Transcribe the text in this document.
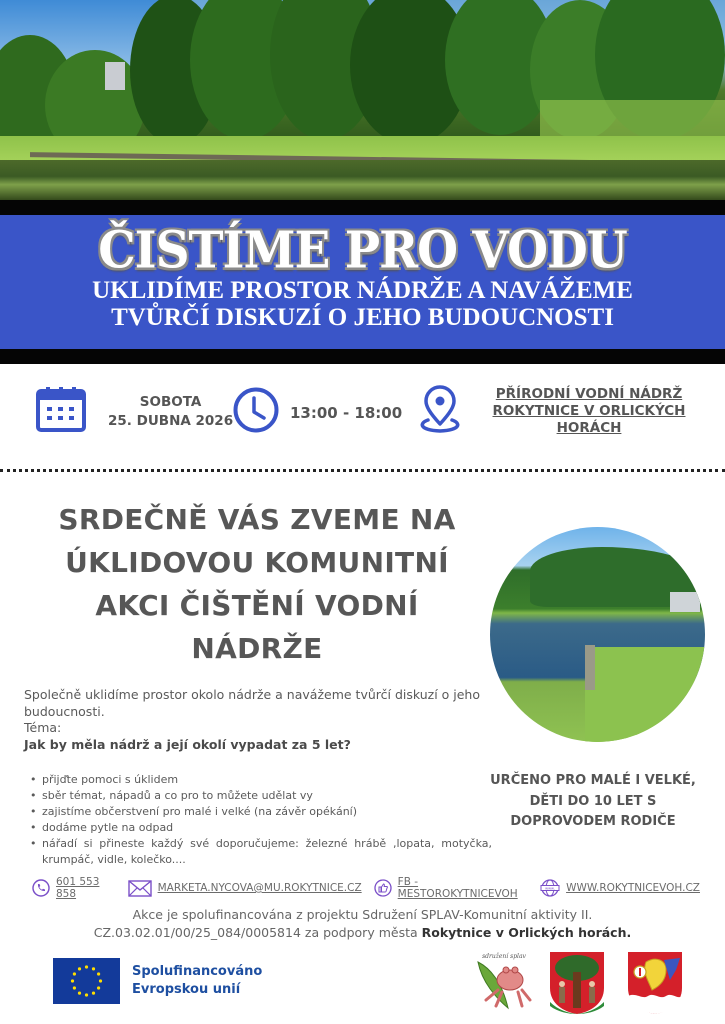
ČISTÍME PRO VODU
UKLIDÍME PROSTOR NÁDRŽE A NAVÁŽEME
TVŮRČÍ DISKUZÍ O JEHO BUDOUCNOSTI
SOBOTA
25. DUBNA 2026	13:00 - 18:00
PŘÍRODNÍ VODNÍ NÁDRŽ
ROKYTNICE V ORLICKÝCH
HORÁCH
SRDEČNĚ VÁS ZVEME NA
ÚKLIDOVOU KOMUNITNÍ
AKCI ČIŠTĚNÍ VODNÍ
NÁDRŽE
Společně uklidíme prostor okolo nádrže a navážeme tvůrčí diskuzí o jeho budoucnosti.
Téma:
Jak by měla nádrž a její okolí vypadat za 5 let?
• přijďte pomoci s úklidem
• sběr témat, nápadů a co pro to můžete udělat vy
• zajistíme občerstvení pro malé i velké (na závěr opékání)
• dodáme pytle na odpad
• nářadí si přineste každý své doporučujeme: železné hrábě ,lopata, motyčka, krumpáč, vidle, kolečko....
URČENO PRO MALÉ I VELKÉ,
DĚTI DO 10 LET S
DOPROVODEM RODIČE
601 553 858	MARKETA.NYCOVA@MU.ROKYTNICE.CZ	FB - MESTOROKYTNICEVOH	www. WWW.ROKYTNICEVOH.CZ
Akce je spolufinancována z projektu Sdružení SPLAV-Komunitní aktivity II.
CZ.03.02.01/00/25_084/0005814 za podpory města Rokytnice v Orlických horách.
Spolufinancováno
Evropskou unií
sdružení splav
